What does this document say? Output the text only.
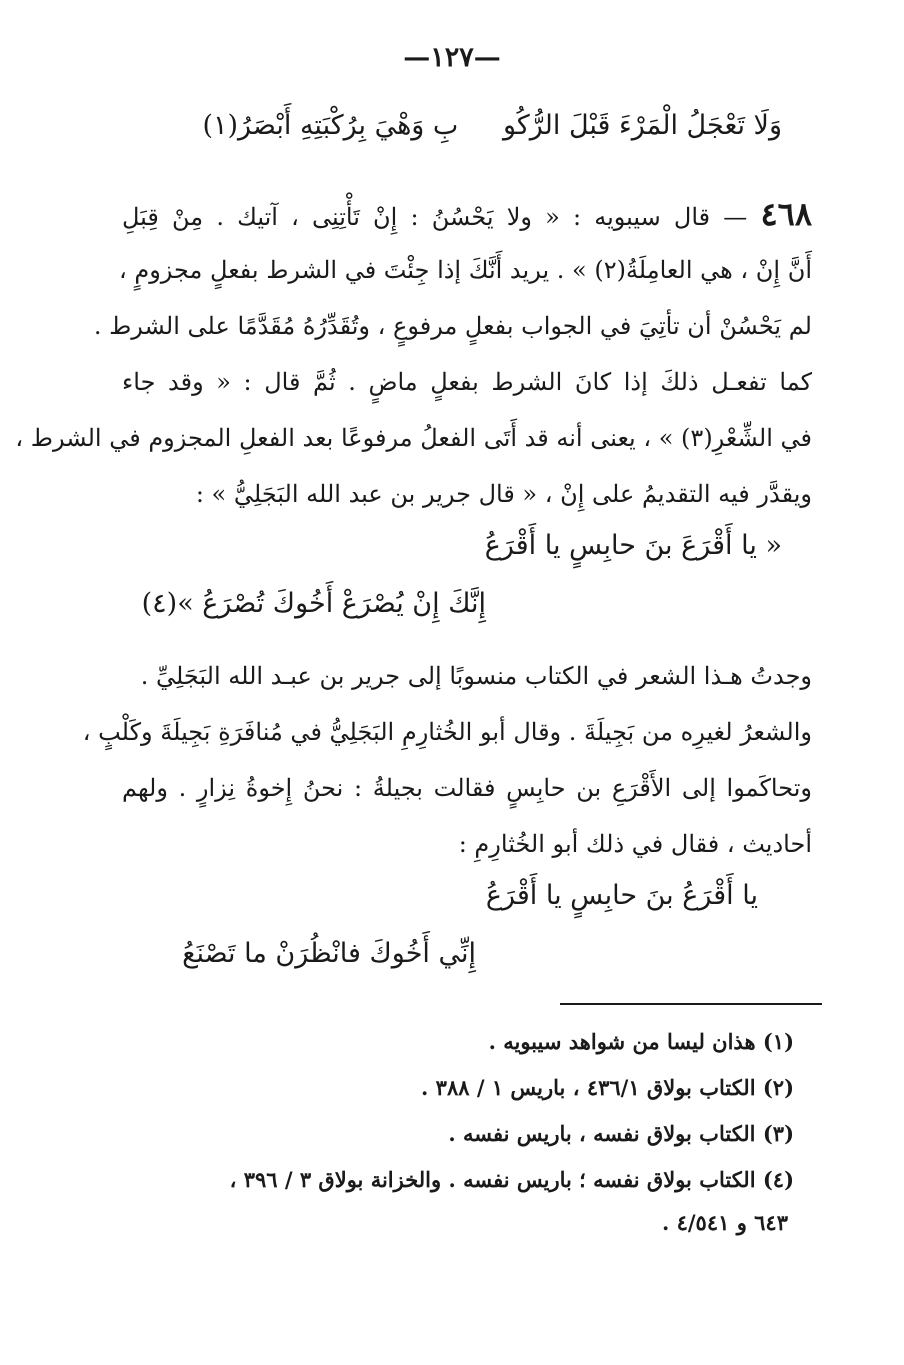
—١٢٧—
وَلَا تَعْجَلُ الْمَرْءَ قَبْلَ الرُّكُو بِ وَهْيَ بِرُكْبَتِهِ أَبْصَرُ(١)
٤٦٨ — قال سيبويه : « ولا يَحْسُنُ : إِنْ تَأْتِنِى ، آتيك . مِنْ قِبَلِ
أَنَّ إِنْ ، هي العامِلَةُ(٢) » . يريد أَنَّكَ إذا جِئْتَ في الشرط بفعلٍ مجزومٍ ،
لم يَحْسُنْ أن تأتِيَ في الجواب بفعلٍ مرفوعٍ ، وتُقَدِّرُهُ مُقَدَّمًا على الشرط .
كما تفعـل ذلكَ إذا كانَ الشرط بفعلٍ ماضٍ . ثُمَّ قال : « وقد جاء
في الشِّعْرِ(٣) » ، يعنى أنه قد أَتَى الفعلُ مرفوعًا بعد الفعلِ المجزوم في الشرط ،
ويقدَّر فيه التقديمُ على إِنْ ، « قال جرير بن عبد الله البَجَلِيُّ » :
« يا أَقْرَعَ بنَ حابِسٍ يا أَقْرَعُ
إِنَّكَ إِنْ يُصْرَعْ أَخُوكَ تُصْرَعُ »(٤)
وجدتُ هـذا الشعر في الكتاب منسوبًا إلى جرير بن عبـد الله البَجَلِيِّ .
والشعرُ لغيرِه من بَجِيلَةَ . وقال أبو الخُثارِمِ البَجَلِيُّ في مُنافَرَةِ بَجِيلَةَ وكَلْبٍ ،
وتحاكَموا إلى الأَقْرَعِ بن حابِسٍ فقالت بجيلةُ : نحنُ إِخوةُ نِزارٍ . ولهم
أحاديث ، فقال في ذلك أبو الخُثارِمِ :
يا أَقْرَعُ بنَ حابِسٍ يا أَقْرَعُ
إِنِّي أَخُوكَ فانْظُرَنْ ما تَصْنَعُ
(١) هذان ليسا من شواهد سيبويه .
(٢) الكتاب بولاق ٤٣٦/١ ، باريس ١ / ٣٨٨ .
(٣) الكتاب بولاق نفسه ، باريس نفسه .
(٤) الكتاب بولاق نفسه ؛ باريس نفسه . والخزانة بولاق ٣ / ٣٩٦ ،
٦٤٣ و ٤/٥٤١ .
